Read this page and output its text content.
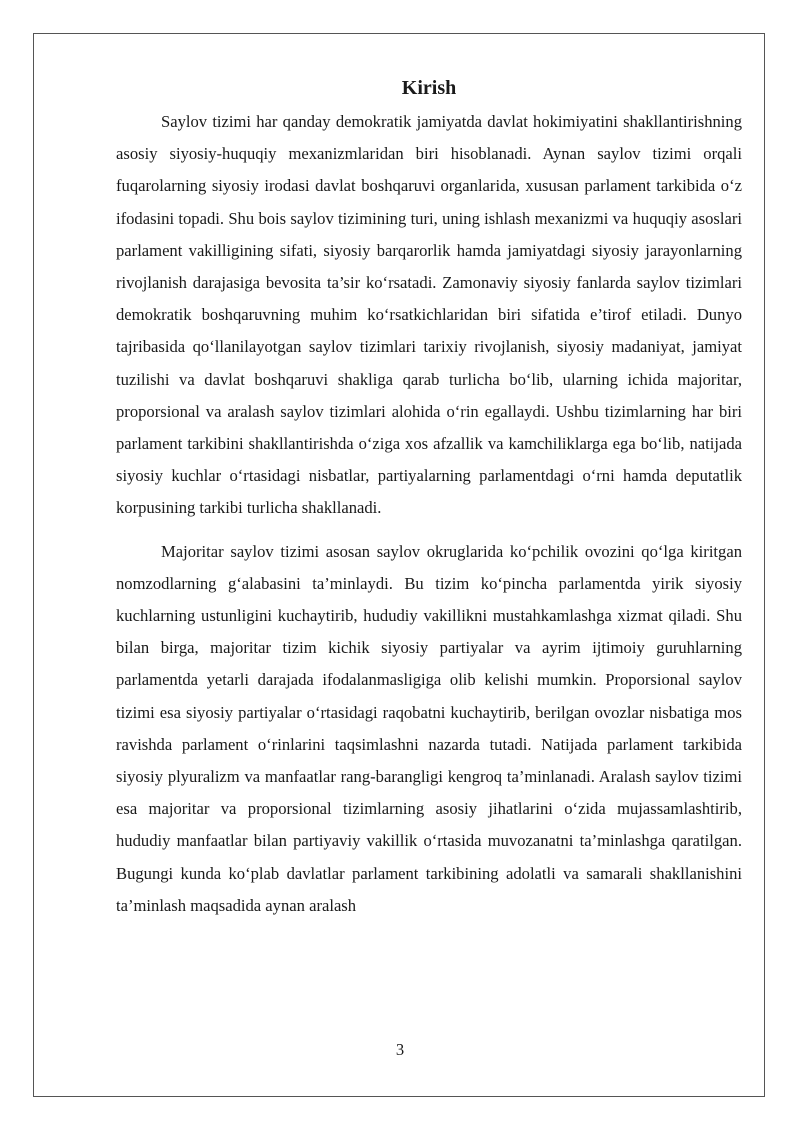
Kirish

Saylov tizimi har qanday demokratik jamiyatda davlat hokimiyatini shakllantirishning asosiy siyosiy-huquqiy mexanizmlaridan biri hisoblanadi. Aynan saylov tizimi orqali fuqarolarning siyosiy irodasi davlat boshqaruvi organlarida, xususan parlament tarkibida o‘z ifodasini topadi. Shu bois saylov tizimining turi, uning ishlash mexanizmi va huquqiy asoslari parlament vakilligining sifati, siyosiy barqarorlik hamda jamiyatdagi siyosiy jarayonlarning rivojlanish darajasiga bevosita ta’sir ko‘rsatadi. Zamonaviy siyosiy fanlarda saylov tizimlari demokratik boshqaruvning muhim ko‘rsatkichlaridan biri sifatida e’tirof etiladi. Dunyo tajribasida qo‘llanilayotgan saylov tizimlari tarixiy rivojlanish, siyosiy madaniyat, jamiyat tuzilishi va davlat boshqaruvi shakliga qarab turlicha bo‘lib, ularning ichida majoritar, proporsional va aralash saylov tizimlari alohida o‘rin egallaydi. Ushbu tizimlarning har biri parlament tarkibini shakllantirishda o‘ziga xos afzallik va kamchiliklarga ega bo‘lib, natijada siyosiy kuchlar o‘rtasidagi nisbatlar, partiyalarning parlamentdagi o‘rni hamda deputatlik korpusining tarkibi turlicha shakllanadi.

Majoritar saylov tizimi asosan saylov okruglarida ko‘pchilik ovozini qo‘lga kiritgan nomzodlarning g‘alabasini ta’minlaydi. Bu tizim ko‘pincha parlamentda yirik siyosiy kuchlarning ustunligini kuchaytirib, hududiy vakillikni mustahkamlashga xizmat qiladi. Shu bilan birga, majoritar tizim kichik siyosiy partiyalar va ayrim ijtimoiy guruhlarning parlamentda yetarli darajada ifodalanmasligiga olib kelishi mumkin. Proporsional saylov tizimi esa siyosiy partiyalar o‘rtasidagi raqobatni kuchaytirib, berilgan ovozlar nisbatiga mos ravishda parlament o‘rinlarini taqsimlashni nazarda tutadi. Natijada parlament tarkibida siyosiy plyuralizm va manfaatlar rang-barangligi kengroq ta’minlanadi. Aralash saylov tizimi esa majoritar va proporsional tizimlarning asosiy jihatlarini o‘zida mujassamlashtirib, hududiy manfaatlar bilan partiyaviy vakillik o‘rtasida muvozanatni ta’minlashga qaratilgan. Bugungi kunda ko‘plab davlatlar parlament tarkibining adolatli va samarali shakllanishini ta’minlash maqsadida aynan aralash

3
